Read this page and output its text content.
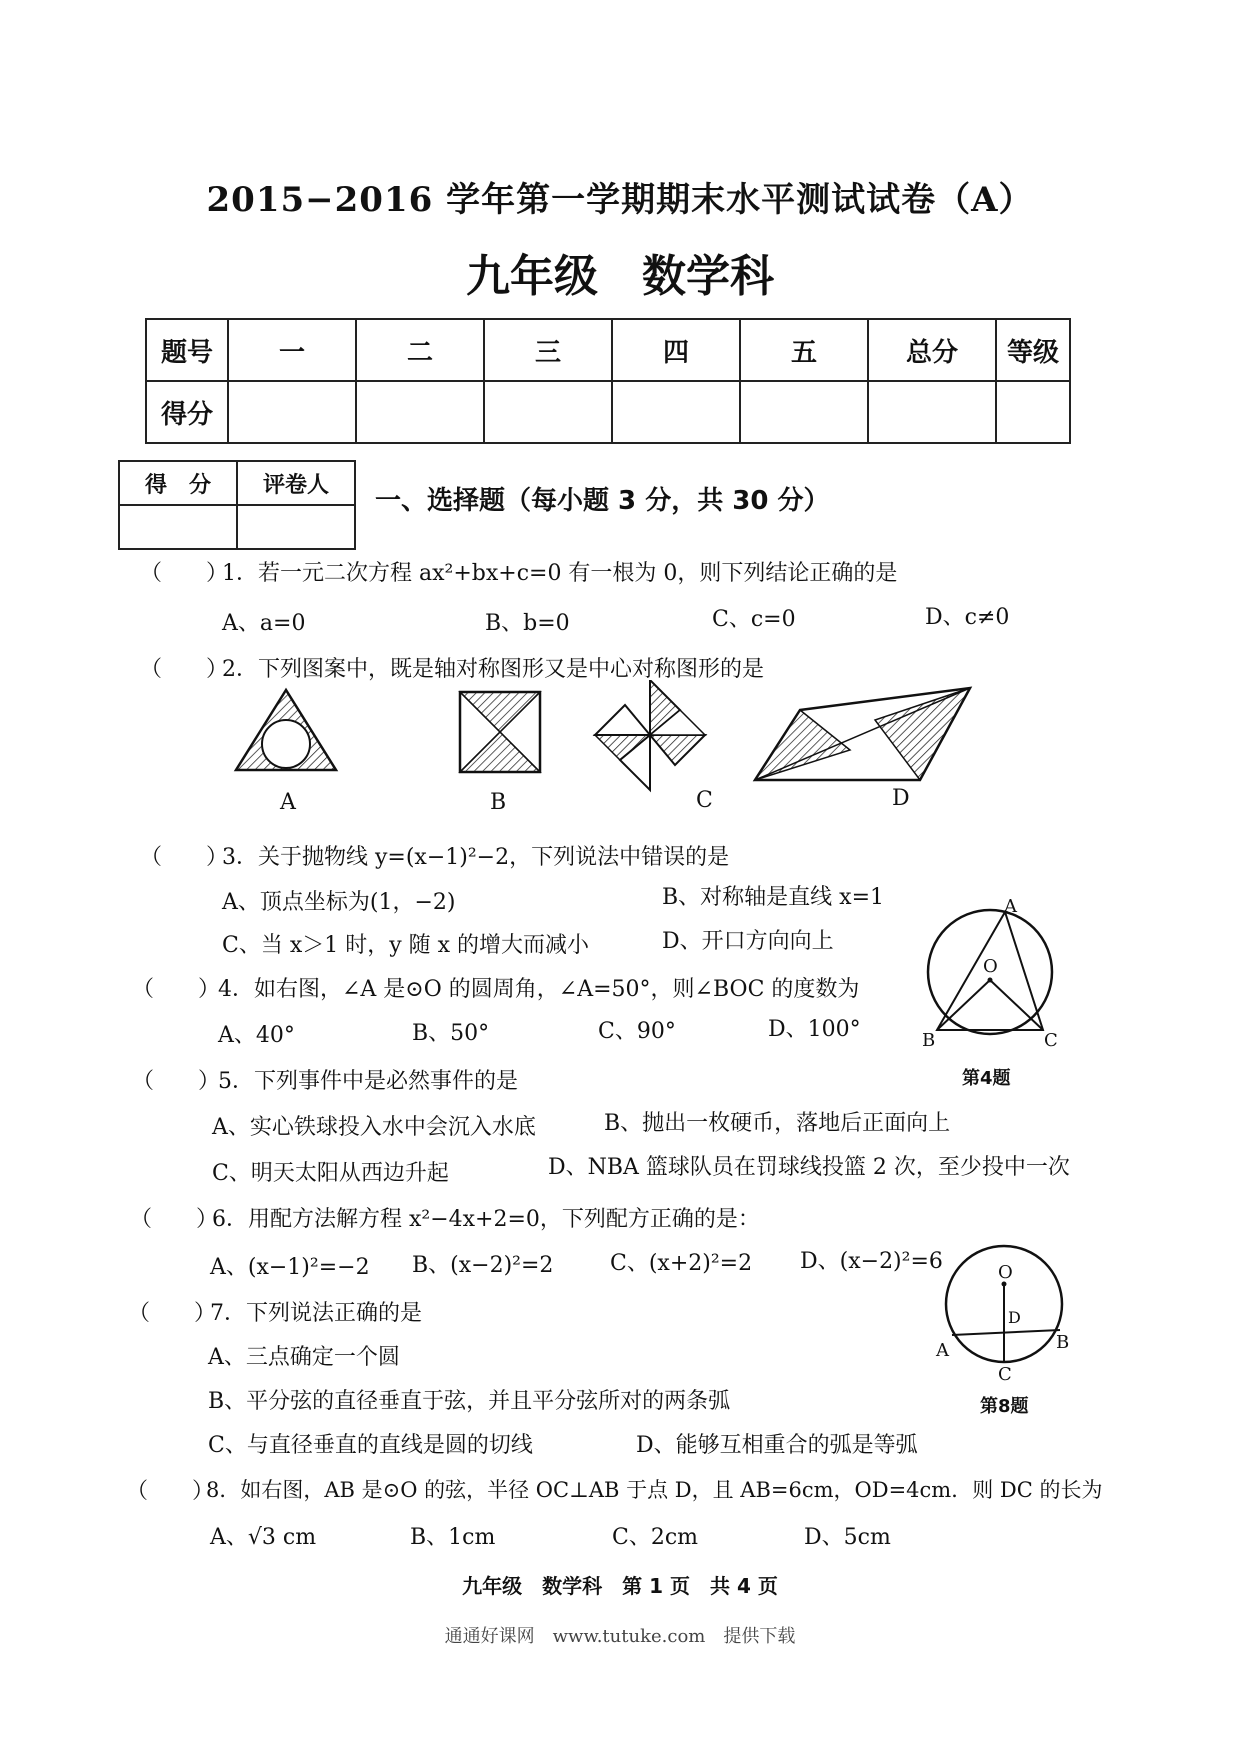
2015−2016 学年第一学期期末水平测试试卷（A）
九年级　数学科
题号	一	二	三	四	五	总分	等级
得分							
得　分	评卷人

一、选择题（每小题 3 分，共 30 分）
（　　）
1．若一元二次方程 ax²+bx+c=0 有一根为 0，则下列结论正确的是
A、a=0	B、b=0	C、c=0	D、c≠0
（　　）
2．下列图案中，既是轴对称图形又是中心对称图形的是
A	B	C	D
（　　）
3．关于抛物线 y=(x−1)²−2，下列说法中错误的是
A、顶点坐标为(1，−2)	B、对称轴是直线 x=1
C、当 x＞1 时，y 随 x 的增大而减小	D、开口方向向上
A
O
B	C
第4题
（　　）
4．如右图，∠A 是⊙O 的圆周角，∠A=50°，则∠BOC 的度数为
A、40°	B、50°	C、90°	D、100°
（　　）
5．下列事件中是必然事件的是
A、实心铁球投入水中会沉入水底	B、抛出一枚硬币，落地后正面向上
C、明天太阳从西边升起	D、NBA 篮球队员在罚球线投篮 2 次，至少投中一次
（　　）
6．用配方法解方程 x²−4x+2=0，下列配方正确的是：
A、(x−1)²=−2 B、(x−2)²=2	C、(x+2)²=2 D、(x−2)²=6	O
D
A	B
C
第8题
（　　）
7．下列说法正确的是
A、三点确定一个圆
B、平分弦的直径垂直于弦，并且平分弦所对的两条弧
C、与直径垂直的直线是圆的切线	D、能够互相重合的弧是等弧
（　　）
8．如右图，AB 是⊙O 的弦，半径 OC⊥AB 于点 D，且 AB=6cm，OD=4cm．则 DC 的长为
A、√3 cm	B、1cm	C、2cm	D、5cm
九年级　数学科　第 1 页　共 4 页
通通好课网　www.tutuke.com　提供下载
